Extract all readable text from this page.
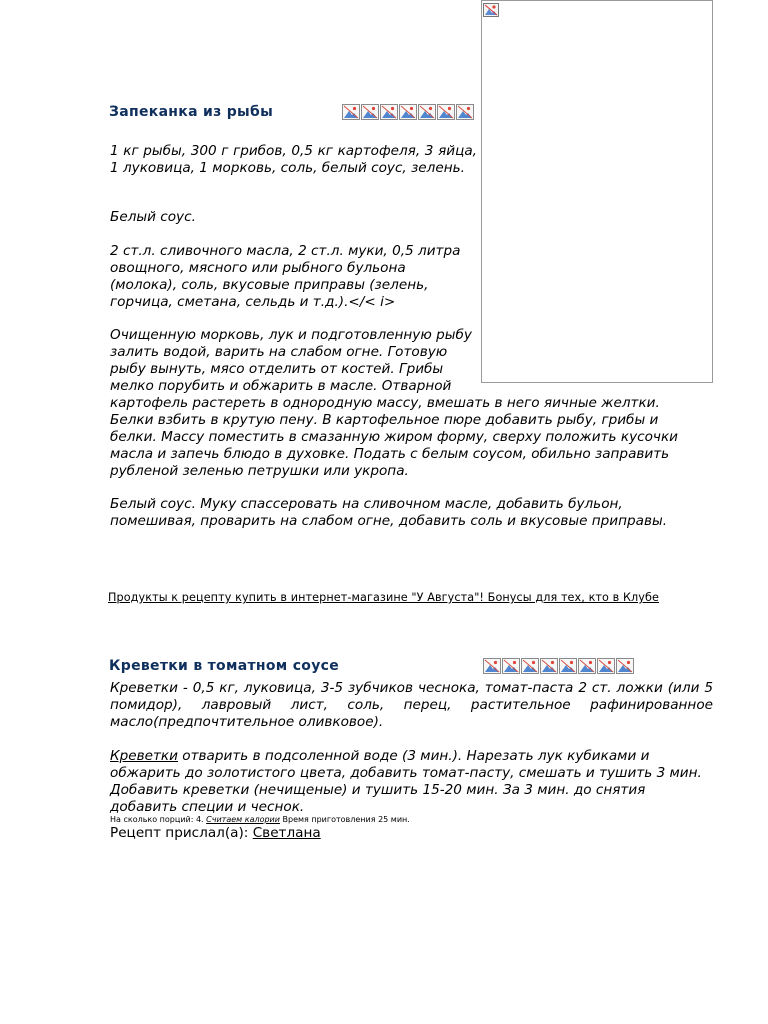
Запеканка из рыбы
1 кг рыбы, 300 г грибов, 0,5 кг картофеля, 3 яйца, 1 луковица, 1 морковь, соль, белый соус, зелень.
Белый соус.
2 ст.л. сливочного масла, 2 ст.л. муки, 0,5 литра овощного, мясного или рыбного бульона (молока), соль, вкусовые приправы (зелень, горчица, сметана, сельдь и т.д.).</< i>
Очищенную морковь, лук и подготовленную рыбу залить водой, варить на слабом огне. Готовую рыбу вынуть, мясо отделить от костей. Грибы мелко порубить и обжарить в масле. Отварной картофель растереть в однородную массу, вмешать в него яичные желтки. Белки взбить в крутую пену. В картофельное пюре добавить рыбу, грибы и белки. Массу поместить в смазанную жиром форму, сверху положить кусочки масла и запечь блюдо в духовке. Подать с белым соусом, обильно заправить рубленой зеленью петрушки или укропа.
Белый соус. Муку спассеровать на сливочном масле, добавить бульон, помешивая, проварить на слабом огне, добавить соль и вкусовые приправы.
Продукты к рецепту купить в интернет-магазине "У Августа"! Бонусы для тех, кто в Клубе
Креветки в томатном соусе
Креветки - 0,5 кг, луковица, 3-5 зубчиков чеснока, томат-паста 2 ст. ложки (или 5 помидор), лавровый лист, соль, перец, растительное рафинированное масло(предпочтительное оливковое).
Креветки отварить в подсоленной воде (3 мин.). Нарезать лук кубиками и обжарить до золотистого цвета, добавить томат-пасту, смешать и тушить 3 мин. Добавить креветки (нечищеные) и тушить 15-20 мин. За 3 мин. до снятия добавить специи и чеснок.
На сколько порций: 4. Считаем калории Время приготовления 25 мин.
Рецепт прислал(а): Светлана
